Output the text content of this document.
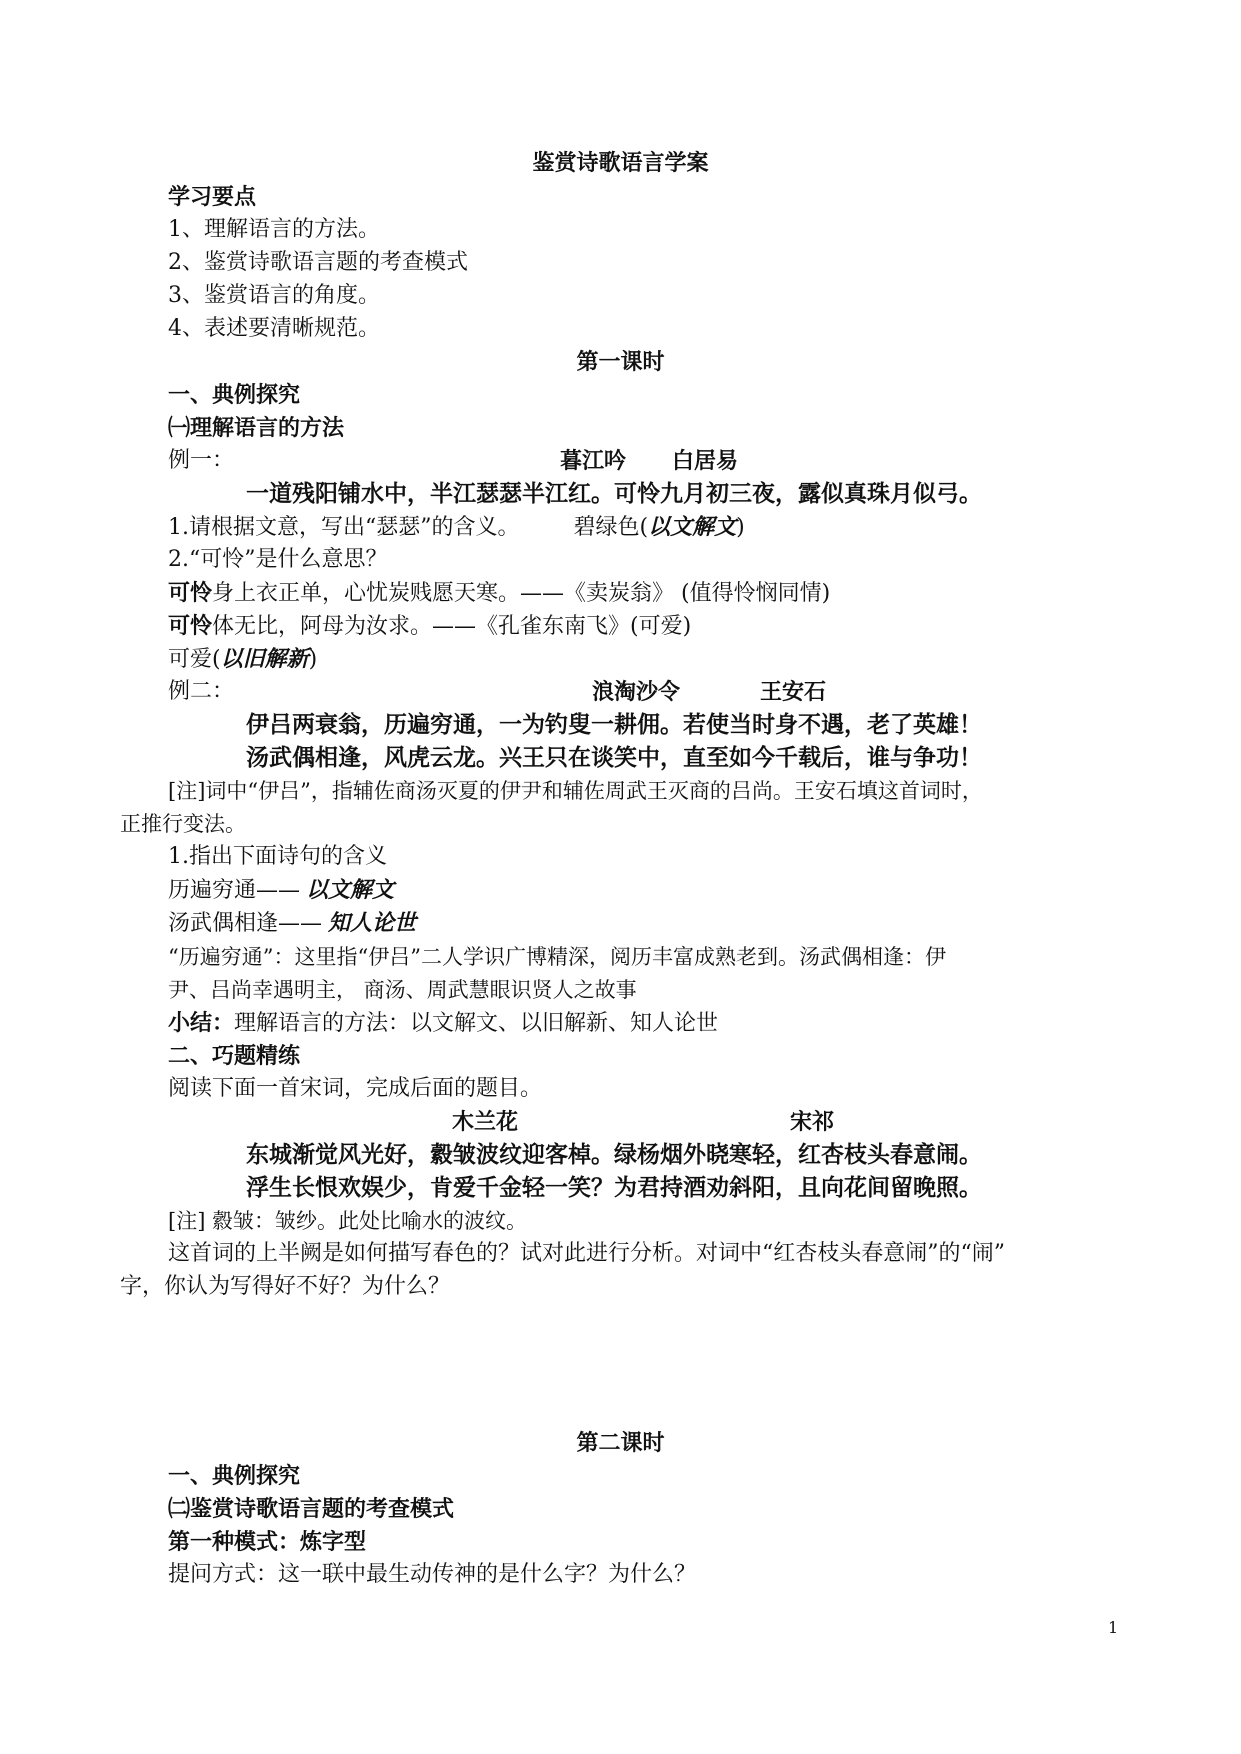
鉴赏诗歌语言学案
学习要点
1、理解语言的方法。
2、鉴赏诗歌语言题的考查模式
3、鉴赏语言的角度。
4、表述要清晰规范。
第一课时
一、典例探究
㈠理解语言的方法
例一：	暮江吟 白居易
一道残阳铺水中，半江瑟瑟半江红。可怜九月初三夜，露似真珠月似弓。
1.请根据文意，写出“瑟瑟”的含义。 碧绿色(以文解文)
2.“可怜”是什么意思？
可怜身上衣正单，心忧炭贱愿天寒。——《卖炭翁》 (值得怜悯同情)
可怜体无比，阿母为汝求。——《孔雀东南飞》(可爱)
可爱(以旧解新)
例二：	浪淘沙令	王安石
伊吕两衰翁，历遍穷通，一为钓叟一耕佣。若使当时身不遇，老了英雄！
汤武偶相逢，风虎云龙。兴王只在谈笑中，直至如今千载后，谁与争功！
[注]词中“伊吕”，指辅佐商汤灭夏的伊尹和辅佐周武王灭商的吕尚。王安石填这首词时，
正推行变法。
1.指出下面诗句的含义
历遍穷通—— 以文解文
汤武偶相逢—— 知人论世
“历遍穷通”：这里指“伊吕”二人学识广博精深，阅历丰富成熟老到。汤武偶相逢：伊
尹、吕尚幸遇明主， 商汤、周武慧眼识贤人之故事
小结：理解语言的方法：以文解文、以旧解新、知人论世
二、巧题精练
阅读下面一首宋词，完成后面的题目。
木兰花	宋祁
东城渐觉风光好，縠皱波纹迎客棹。绿杨烟外晓寒轻，红杏枝头春意闹。
浮生长恨欢娱少，肯爱千金轻一笑？为君持酒劝斜阳，且向花间留晚照。
[注] 縠皱：皱纱。此处比喻水的波纹。
这首词的上半阙是如何描写春色的？试对此进行分析。对词中“红杏枝头春意闹”的“闹”
字，你认为写得好不好？为什么？
第二课时
一、典例探究
㈡鉴赏诗歌语言题的考查模式
第一种模式：炼字型
提问方式：这一联中最生动传神的是什么字？为什么？
1
